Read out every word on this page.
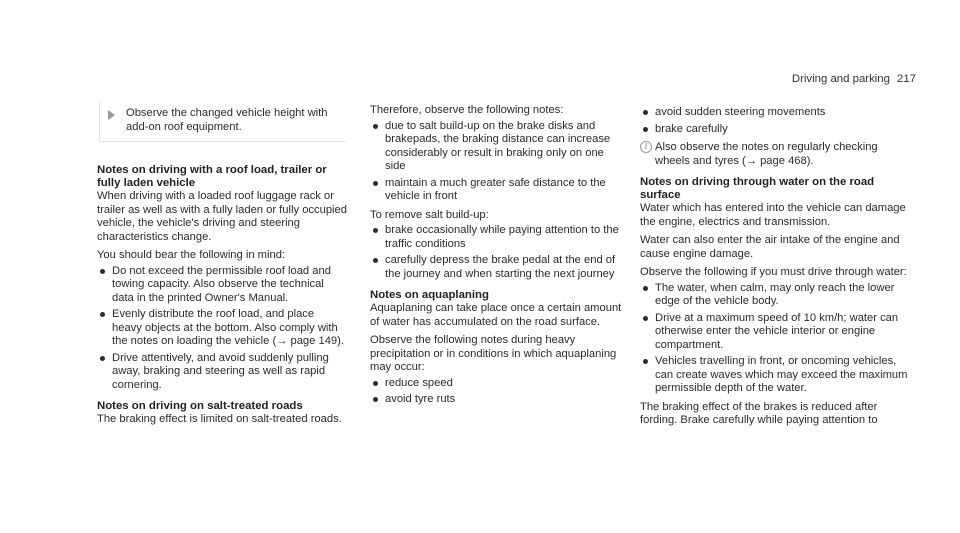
Driving and parking 217

Observe the changed vehicle height with add-on roof equipment.

Notes on driving with a roof load, trailer or fully laden vehicle

When driving with a loaded roof luggage rack or trailer as well as with a fully laden or fully occupied vehicle, the vehicle's driving and steering characteristics change.

You should bear the following in mind:

Do not exceed the permissible roof load and towing capacity. Also observe the technical data in the printed Owner's Manual.
Evenly distribute the roof load, and place heavy objects at the bottom. Also comply with the notes on loading the vehicle (→ page 149).
Drive attentively, and avoid suddenly pulling away, braking and steering as well as rapid cornering.
Notes on driving on salt-treated roads

The braking effect is limited on salt-treated roads.

Therefore, observe the following notes:

due to salt build-up on the brake disks and brakepads, the braking distance can increase considerably or result in braking only on one side
maintain a much greater safe distance to the vehicle in front

To remove salt build-up:

brake occasionally while paying attention to the traffic conditions
carefully depress the brake pedal at the end of the journey and when starting the next journey
Notes on aquaplaning

Aquaplaning can take place once a certain amount of water has accumulated on the road surface.

Observe the following notes during heavy precipitation or in conditions in which aquaplaning may occur:

reduce speed
avoid tyre ruts
avoid sudden steering movements
brake carefully
i Also observe the notes on regularly checking wheels and tyres (→ page 468).

Notes on driving through water on the road surface

Water which has entered into the vehicle can damage the engine, electrics and transmission.

Water can also enter the air intake of the engine and cause engine damage.

Observe the following if you must drive through water:

The water, when calm, may only reach the lower edge of the vehicle body.
Drive at a maximum speed of 10 km/h; water can otherwise enter the vehicle interior or engine compartment.
Vehicles travelling in front, or oncoming vehicles, can create waves which may exceed the maximum permissible depth of the water.

The braking effect of the brakes is reduced after fording. Brake carefully while paying attention to
